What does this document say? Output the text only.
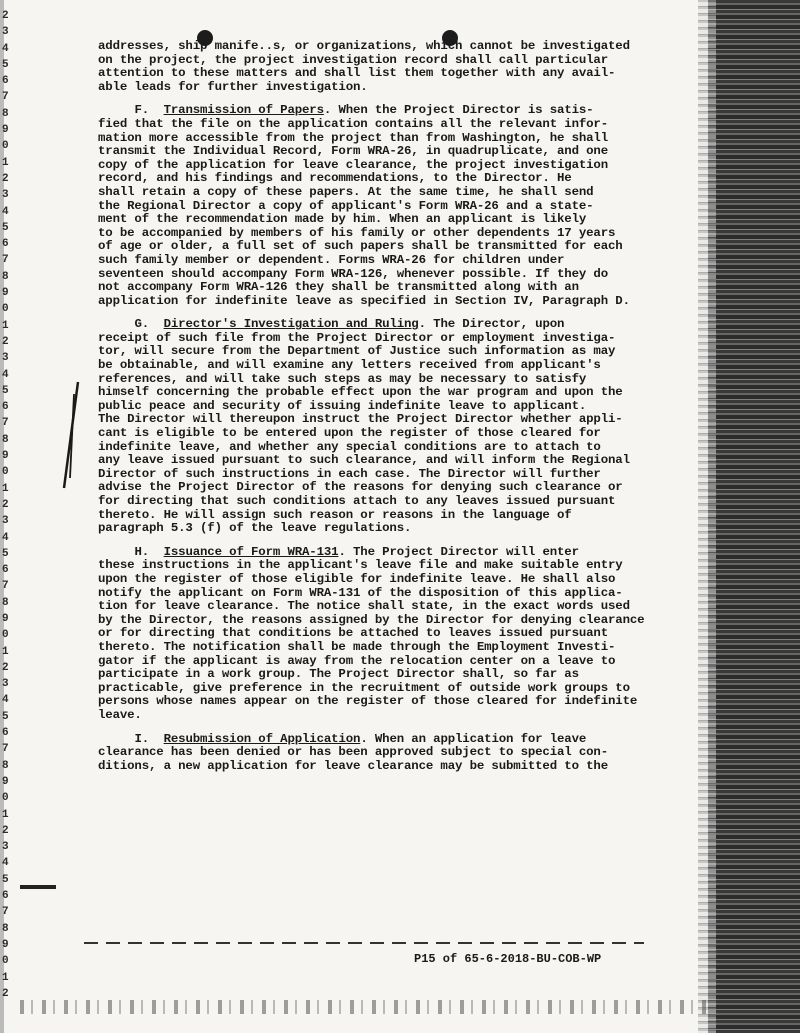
2
3
4
5
6
7
8
9
0
1
2
3
4
5
6
7
8
9
0
1
2
3
4
5
6
7
8
9
0
1
2
3
4
5
6
7
8
9
0
1
2
3
4
5
6
7
8
9
0
1
2
3
4
5
6
7
8
9
0
1
2

addresses, ship manife..s, or organizations, which cannot be investigated

on the project, the project investigation record shall call particular

attention to these matters and shall list them together with any avail-

able leads for further investigation.

F. Transmission of Papers. When the Project Director is satis-

fied that the file on the application contains all the relevant infor-

mation more accessible from the project than from Washington, he shall

transmit the Individual Record, Form WRA-26, in quadruplicate, and one

copy of the application for leave clearance, the project investigation

record, and his findings and recommendations, to the Director. He

shall retain a copy of these papers. At the same time, he shall send

the Regional Director a copy of applicant's Form WRA-26 and a state-

ment of the recommendation made by him. When an applicant is likely

to be accompanied by members of his family or other dependents 17 years

of age or older, a full set of such papers shall be transmitted for each

such family member or dependent. Forms WRA-26 for children under

seventeen should accompany Form WRA-126, whenever possible. If they do

not accompany Form WRA-126 they shall be transmitted along with an

application for indefinite leave as specified in Section IV, Paragraph D.

G. Director's Investigation and Ruling. The Director, upon

receipt of such file from the Project Director or employment investiga-

tor, will secure from the Department of Justice such information as may

be obtainable, and will examine any letters received from applicant's

references, and will take such steps as may be necessary to satisfy

himself concerning the probable effect upon the war program and upon the

public peace and security of issuing indefinite leave to applicant.

The Director will thereupon instruct the Project Director whether appli-

cant is eligible to be entered upon the register of those cleared for

indefinite leave, and whether any special conditions are to attach to

any leave issued pursuant to such clearance, and will inform the Regional

Director of such instructions in each case. The Director will further

advise the Project Director of the reasons for denying such clearance or

for directing that such conditions attach to any leaves issued pursuant

thereto. He will assign such reason or reasons in the language of

paragraph 5.3 (f) of the leave regulations.

H. Issuance of Form WRA-131. The Project Director will enter

these instructions in the applicant's leave file and make suitable entry

upon the register of those eligible for indefinite leave. He shall also

notify the applicant on Form WRA-131 of the disposition of this applica-

tion for leave clearance. The notice shall state, in the exact words used

by the Director, the reasons assigned by the Director for denying clearance

or for directing that conditions be attached to leaves issued pursuant

thereto. The notification shall be made through the Employment Investi-

gator if the applicant is away from the relocation center on a leave to

participate in a work group. The Project Director shall, so far as

practicable, give preference in the recruitment of outside work groups to

persons whose names appear on the register of those cleared for indefinite

leave.

I. Resubmission of Application. When an application for leave

clearance has been denied or has been approved subject to special con-

ditions, a new application for leave clearance may be submitted to the

P15 of 65-6-2018-BU-COB-WP
